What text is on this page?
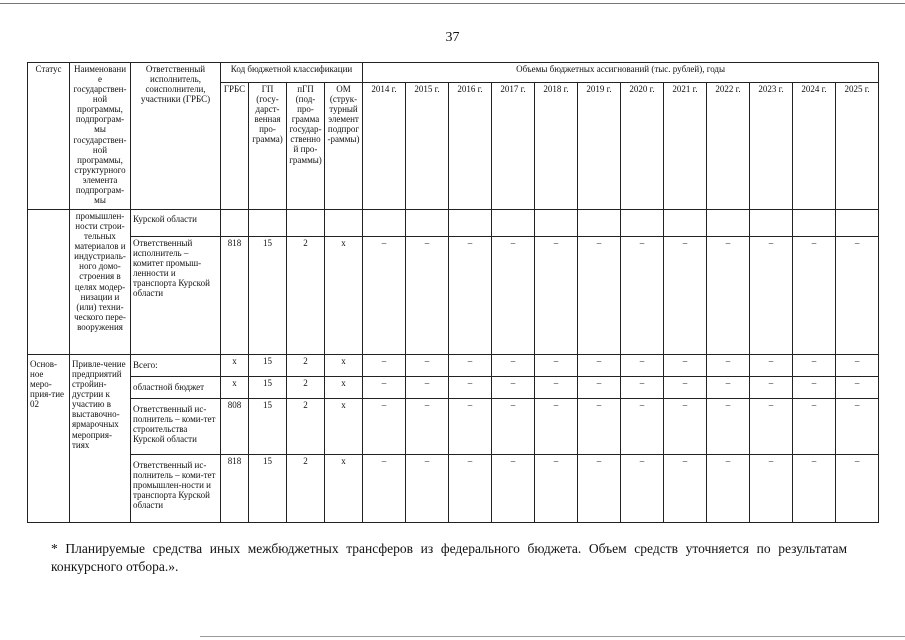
37
Статус	Наименование государствен-ной программы, подпрограм-мы государствен-ной программы, структурного элемента подпрограм-мы	Ответственный исполнитель, соисполнители, участники (ГРБС)	Код бюджетной классификации				Объемы бюджетных ассигнований (тыс. рублей), годы											
			ГРБС	ГП (госу-дарст-венная про-грамма)	пГП (под-про-грамма государ-ственной про-граммы)	ОМ (струк-турный элемент подпрог-раммы)	2014 г.	2015 г.	2016 г.	2017 г.	2018 г.	2019 г.	2020 г.	2021 г.	2022 г.	2023 г.	2024 г.	2025 г.
	промышлен-ности строи-тельных материалов и индустриаль-ного домо-строения в целях модер-низации и (или) техни-ческого пере-вооружения	Курской области																
		Ответственный исполнитель – комитет промыш-ленности и транспорта Курской области	818	15	2	х	–	–	–	–	–	–	–	–	–	–	–	–
Основ-ное меро-прия-тие 02	Привле-чение предприятий стройин-дустрии к участию в выставочно-ярмарочных мероприя-тиях	Всего:	х	15	2	х	–	–	–	–	–	–	–	–	–	–	–	–
		областной бюджет	х	15	2	х	–	–	–	–	–	–	–	–	–	–	–	–
		Ответственный ис-полнитель – коми-тет строительства Курской области	808	15	2	х	–	–	–	–	–	–	–	–	–	–	–	–
		Ответственный ис-полнитель – коми-тет промышлен-ности и транспорта Курской области	818	15	2	х	–	–	–	–	–	–	–	–	–	–	–	–
* Планируемые средства иных межбюджетных трансферов из федерального бюджета. Объем средств уточняется по результатам конкурсного отбора.».
